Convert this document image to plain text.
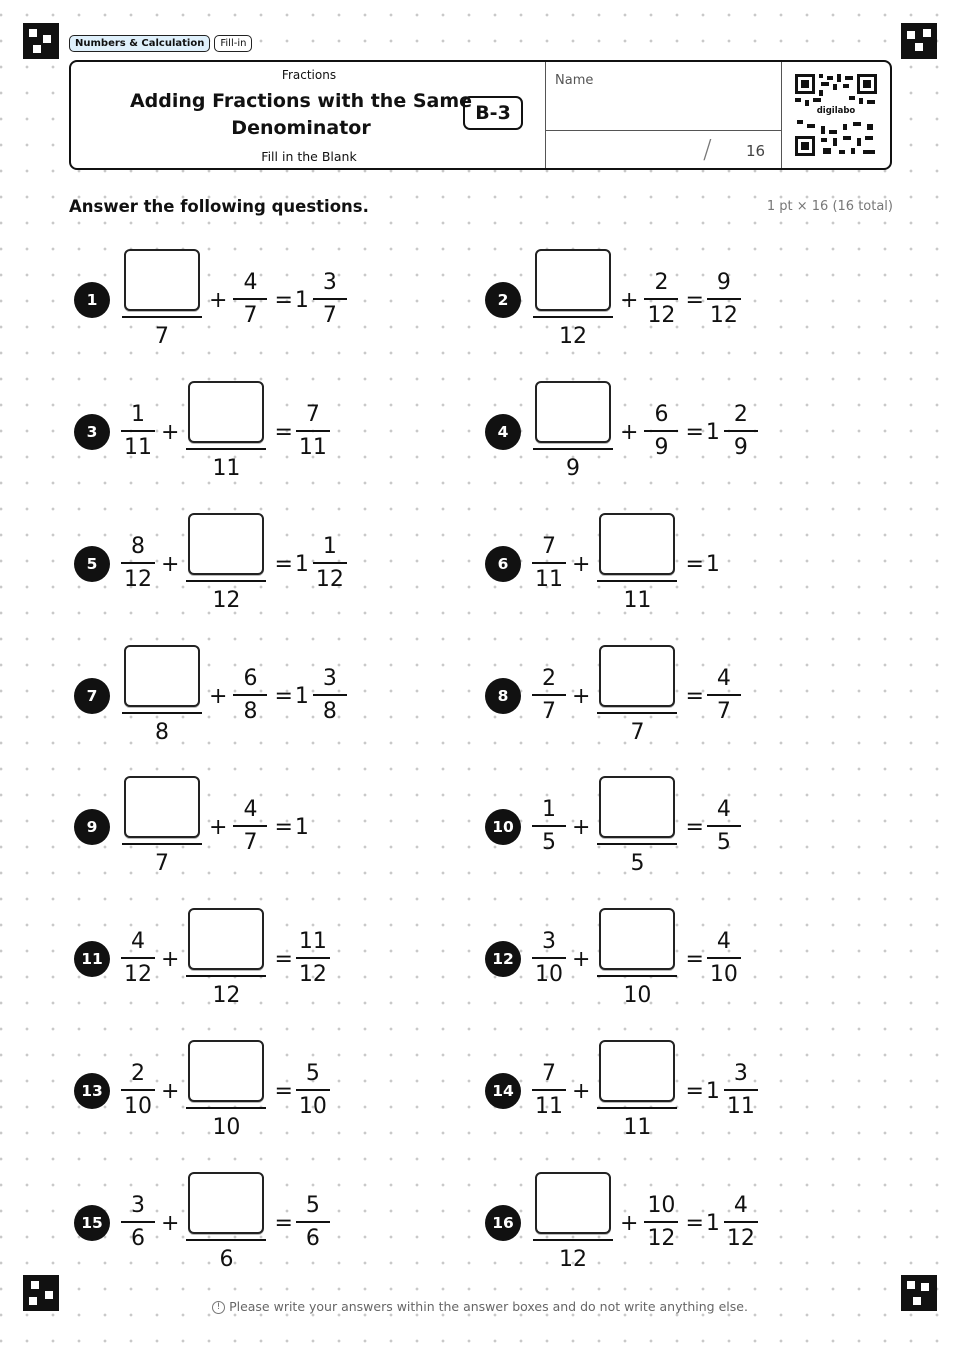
Numbers & Calculation	Fill-in
Fractions
Adding Fractions with the Same Denominator
Fill in the Blank
B-3
Name
/ 16
digilabo
Answer the following questions.	1 pt × 16 (16 total)
1
7
+ $\frac{4}{7} = 1 \frac{3}{7}$	2
12
+ $\frac{2}{12} = \frac{9}{12}$
3	$\frac{1}{11}$ +
11
= $\frac{7}{11}$	4
9
+ $\frac{6}{9} = 1 \frac{2}{9}$
5	$\frac{8}{12}$ +
12
= $1 \frac{1}{12}$	6	$\frac{7}{11}$ +
11
= 1
7
8
+ $\frac{6}{8} = 1 \frac{3}{8}$	8	$\frac{2}{7}$ +
7
= $\frac{4}{7}$
9
7
+ $\frac{4}{7} = 1$	$10 \frac{1}{5}$ +
5
= $\frac{4}{5}$
$11 \frac{4}{12}$ +
12
= $\frac{11}{12}$	$12 \frac{3}{10}$ +
10
= $\frac{4}{10}$
$13 \frac{2}{10}$ +
10
= $\frac{5}{10}$	$14 \frac{7}{11}$ +
11
= $1 \frac{3}{11}$
$15 \frac{3}{6}$ +
6
= $\frac{5}{6}$	16
12
+ $\frac{10}{12} = 1 \frac{4}{12}$
! Please write your answers within the answer boxes and do not write anything else.
